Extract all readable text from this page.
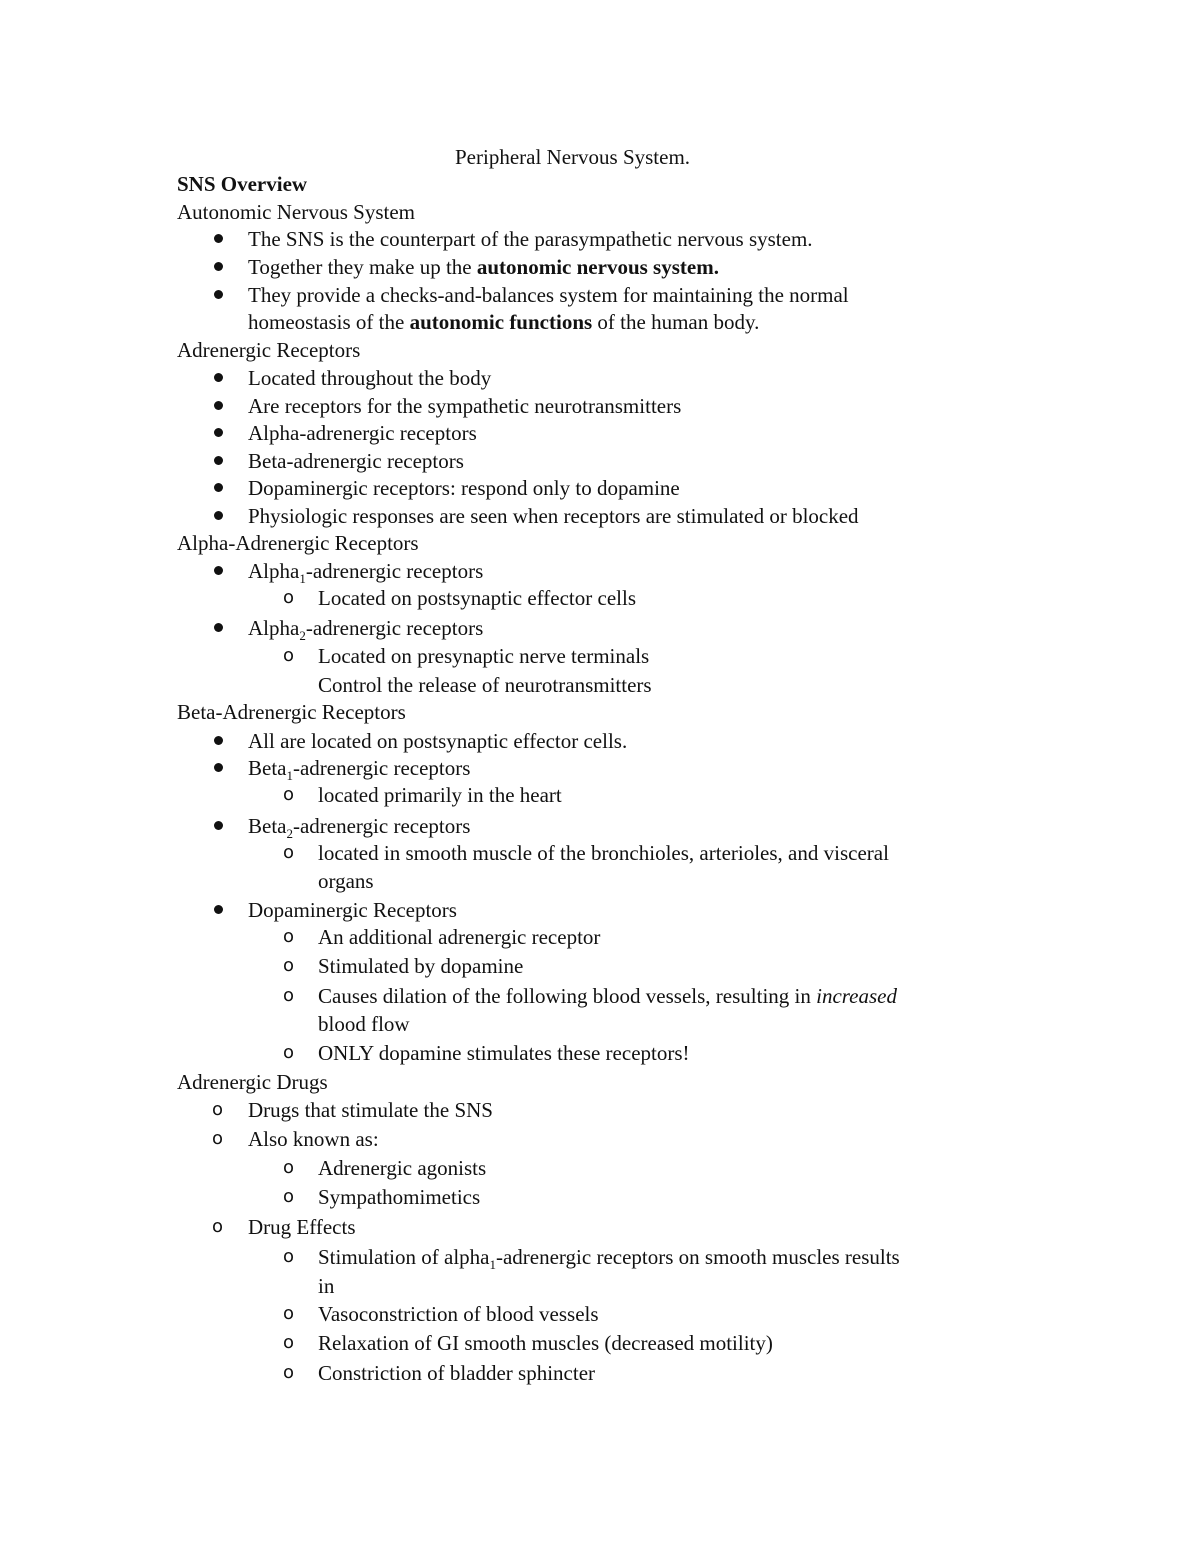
Peripheral Nervous System.
SNS Overview
Autonomic Nervous System
The SNS is the counterpart of the parasympathetic nervous system.
Together they make up the autonomic nervous system.
They provide a checks-and-balances system for maintaining the normal
homeostasis of the autonomic functions of the human body.
Adrenergic Receptors
Located throughout the body
Are receptors for the sympathetic neurotransmitters
Alpha-adrenergic receptors
Beta-adrenergic receptors
Dopaminergic receptors: respond only to dopamine
Physiologic responses are seen when receptors are stimulated or blocked
Alpha-Adrenergic Receptors
Alpha$_1$-adrenergic receptors
o Located on postsynaptic effector cells
Alpha$_2$-adrenergic receptors
o Located on presynaptic nerve terminals
Control the release of neurotransmitters
Beta-Adrenergic Receptors
All are located on postsynaptic effector cells.
Beta$_1$-adrenergic receptors
o located primarily in the heart
Beta$_2$-adrenergic receptors
o located in smooth muscle of the bronchioles, arterioles, and visceral
organs
Dopaminergic Receptors
o An additional adrenergic receptor
o Stimulated by dopamine
o Causes dilation of the following blood vessels, resulting in increased
blood flow
o ONLY dopamine stimulates these receptors!
Adrenergic Drugs
o Drugs that stimulate the SNS
o Also known as:
o Adrenergic agonists
o Sympathomimetics
o Drug Effects
o Stimulation of alpha$_1$-adrenergic receptors on smooth muscles results
in
o Vasoconstriction of blood vessels
o Relaxation of GI smooth muscles (decreased motility)
o Constriction of bladder sphincter
